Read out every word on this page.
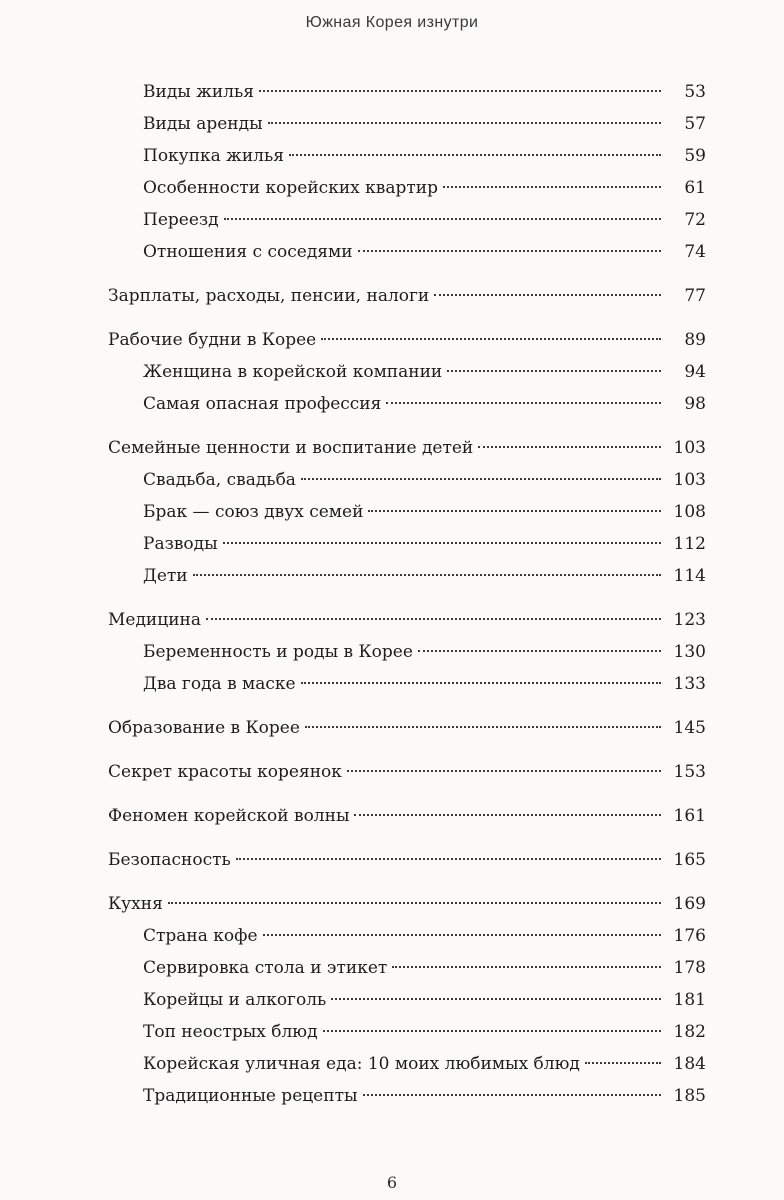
Южная Корея изнутри
Виды жилья	53
Виды аренды	57
Покупка жилья	59
Особенности корейских квартир	61
Переезд	72
Отношения с соседями	74
Зарплаты, расходы, пенсии, налоги	77
Рабочие будни в Корее	89
Женщина в корейской компании	94
Самая опасная профессия	98
Семейные ценности и воспитание детей	103
Свадьба, свадьба	103
Брак — союз двух семей	108
Разводы	112
Дети	114
Медицина	123
Беременность и роды в Корее	130
Два года в маске	133
Образование в Корее	145
Секрет красоты кореянок	153
Феномен корейской волны	161
Безопасность	165
Кухня	169
Страна кофе	176
Сервировка стола и этикет	178
Корейцы и алкоголь	181
Топ неострых блюд	182
Корейская уличная еда: 10 моих любимых блюд	184
Традиционные рецепты	185
6
